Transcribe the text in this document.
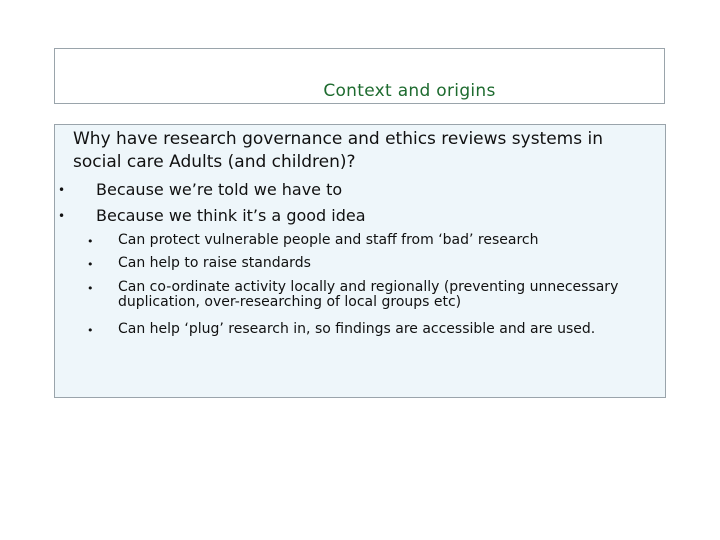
Context and origins
Why have research governance and ethics reviews systems in social care Adults (and children)?
• Because we’re told we have to
• Because we think it’s a good idea
• Can protect vulnerable people and staff from ‘bad’ research
• Can help to raise standards
• Can co-ordinate activity locally and regionally (preventing unnecessary duplication, over-researching of local groups etc)
• Can help ‘plug’ research in, so findings are accessible and are used.
